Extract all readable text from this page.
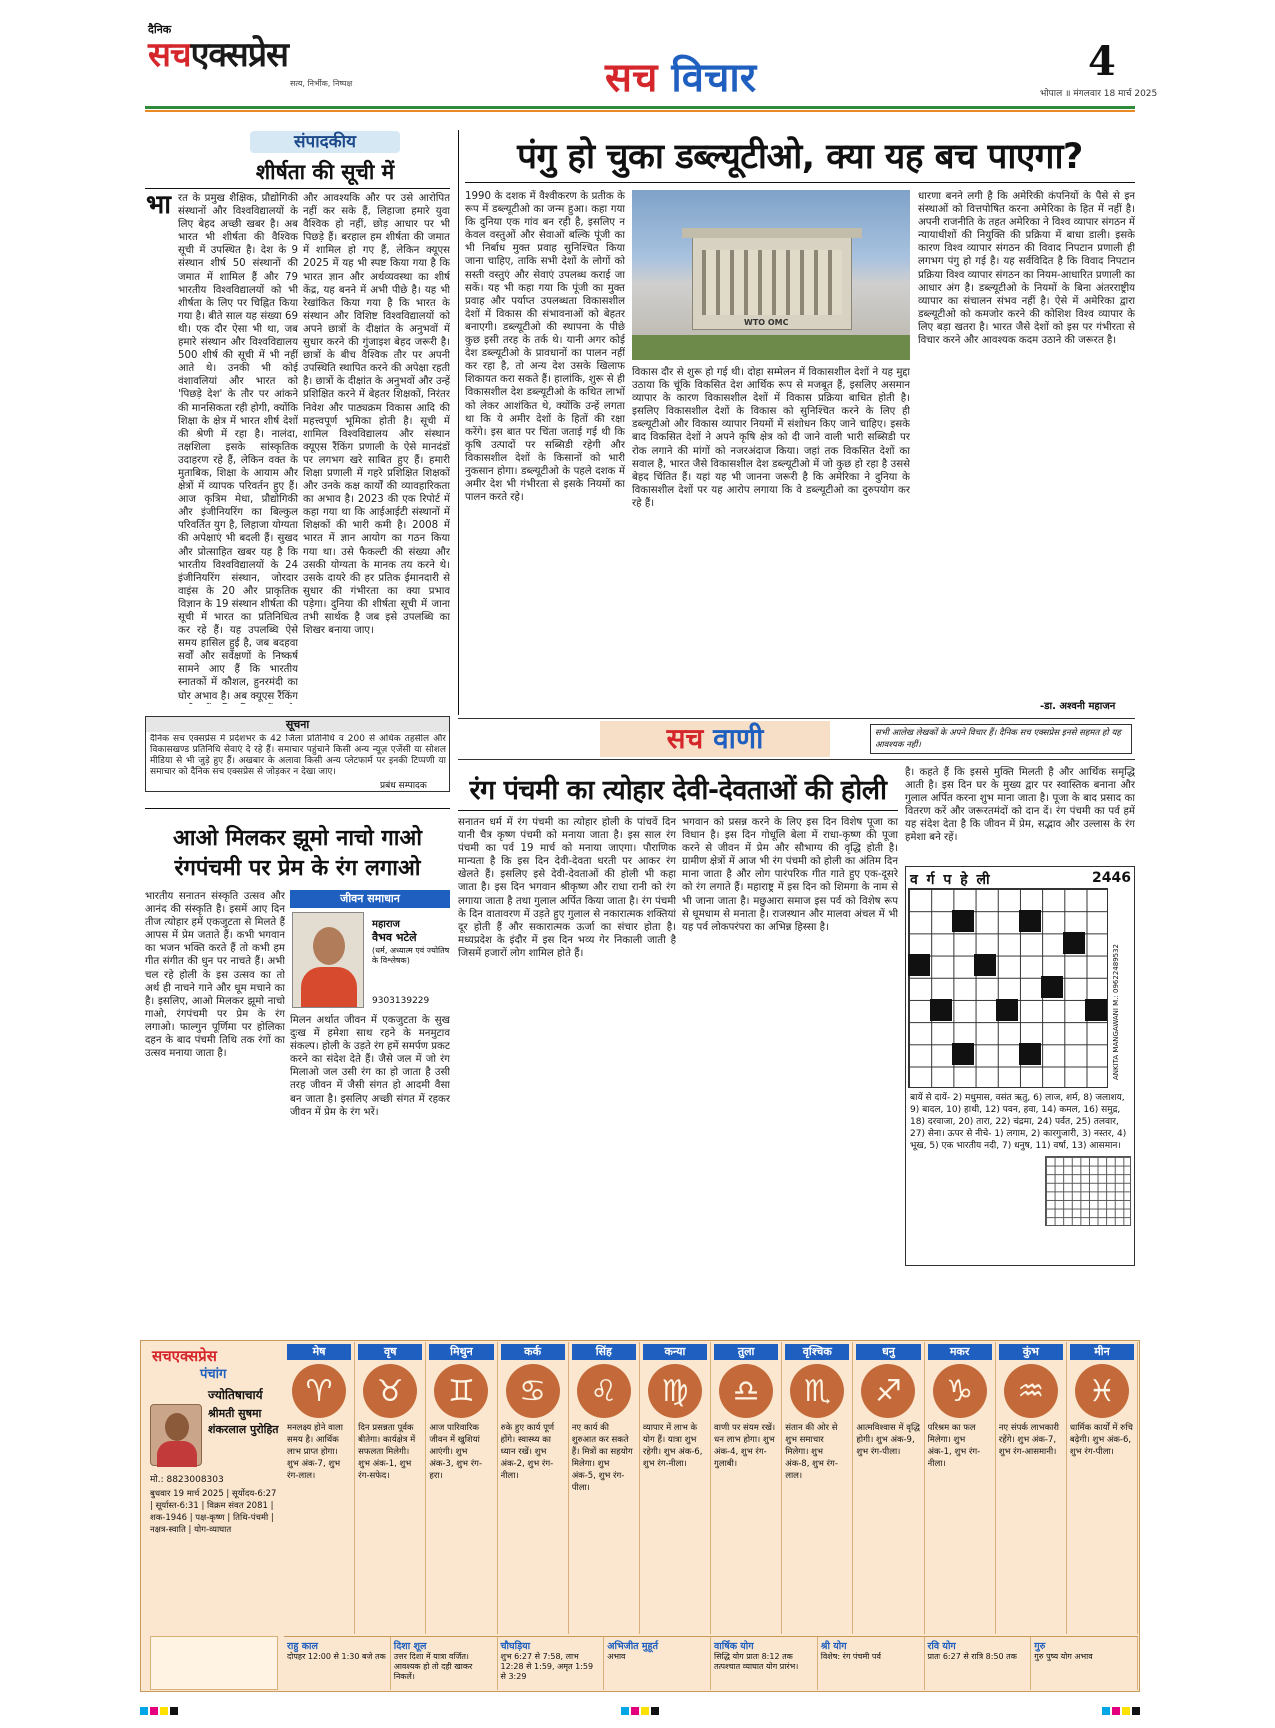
दैनिक
सचएक्सप्रेस
सत्य, निर्भीक, निष्पक्ष	सच विचार	4
भोपाल ॥ मंगलवार 18 मार्च 2025
संपादकीय
शीर्षता की सूची में
भा रत के प्रमुख शैक्षिक, प्रौद्योगिकी संस्थानों और विश्वविद्यालयों के लिए बेहद अच्छी खबर है। अब भारत भी शीर्षता की वैश्विक सूची में उपस्थित है। देश के 9 संस्थान शीर्ष 50 संस्थानों की जमात में शामिल हैं और 79 भारतीय विश्वविद्यालयों को भी शीर्षता के लिए पर चिह्नित किया गया है। बीते साल यह संख्या 69 थी। एक दौर ऐसा भी था, जब हमारे संस्थान और विश्वविद्यालय 500 शीर्ष की सूची में भी नहीं आते थे। उनकी भी कोई वंशावलियां और भारत को 'पिछड़े देश' के तौर पर आंकने की मानसिकता रही होगी, क्योंकि शिक्षा के क्षेत्र में भारत शीर्ष देशों की श्रेणी में रहा है। नालंदा, तक्षशिला इसके सांस्कृतिक उदाहरण रहे हैं, लेकिन वक्त के मुताबिक, शिक्षा के आयाम और क्षेत्रों में व्यापक परिवर्तन हुए हैं। आज कृत्रिम मेधा, प्रौद्योगिकी और इंजीनियरिंग का बिल्कुल परिवर्तित युग है, लिहाजा योग्यता की अपेक्षाएं भी बदली हैं। सुखद और प्रोत्साहित खबर यह है कि भारतीय विश्वविद्यालयों के 24 इंजीनियरिंग संस्थान, जोरदार वाइंस के 20 और प्राकृतिक विज्ञान के 19 संस्थान शीर्षता की सूची में भारत का प्रतिनिधित्व कर रहे हैं। यह उपलब्धि ऐसे समय हासिल हुई है, जब बदहवा सर्वों और सर्वेक्षणों के निष्कर्ष सामने आए हैं कि भारतीय स्नातकों में कौशल, हुनरमंदी का घोर अभाव है। अब क्यूएस रैंकिंग
और आवश्यकि और पर उसे आरोपित नहीं कर सके हैं, लिहाजा हमारे युवा वैश्विक हो नहीं, छोड़ आधार पर भी पिछड़े हैं। बरहाल हम शीर्षता की जमात में शामिल हो गए हैं, लेकिन क्यूएस 2025 में यह भी स्पष्ट किया गया है कि भारत ज्ञान और अर्थव्यवस्था का शीर्ष केंद्र, यह बनने में अभी पीछे है। यह भी रेखांकित किया गया है कि भारत के संस्थान और विशिष्ट विश्वविद्यालयों को अपने छात्रों के दीक्षांत के अनुभवों में सुधार करने की गुंजाइश बेहद जरूरी है। छात्रों के बीच वैश्विक तौर पर अपनी उपस्थिति स्थापित करने की अपेक्षा रहती है। छात्रों के दीक्षांत के अनुभवों और उन्हें प्रशिक्षित करने में बेहतर शिक्षकों, निरंतर निवेश और पाठ्यक्रम विकास आदि की महत्त्वपूर्ण भूमिका होती है। सूची में शामिल विश्वविद्यालय और संस्थान क्यूएस रैंकिंग प्रणाली के ऐसे मानदंडों पर लगभग खरे साबित हुए हैं। हमारी शिक्षा प्रणाली में गहरे प्रशिक्षित शिक्षकों और उनके कक्ष कार्यों की व्यावहारिकता का अभाव है। 2023 की एक रिपोर्ट में कहा गया था कि आईआईटी संस्थानों में शिक्षकों की भारी कमी है। 2008 में भारत में ज्ञान आयोग का गठन किया गया था। उसे फैकल्टी की संख्या और उसकी योग्यता के मानक तय करने थे। उसके दायरे की हर प्रतिक ईमानदारी से सुधार की गंभीरता का क्या प्रभाव पड़ेगा। दुनिया की शीर्षता सूची में जाना तभी सार्थक है जब इसे उपलब्धि का शिखर बनाया जाए।
सूचना
दैनिक सच एक्सप्रेस में प्रदेशभर के 42 जिला प्रतिनिधि व 200 से अधिक तहसील और विकासखण्ड प्रतिनिधि सेवाएं दे रहे हैं। समाचार पहुंचाने किसी अन्य न्यूज़ एजेंसी या सोशल मीडिया से भी जुड़े हुए हैं। अखबार के अलावा किसी अन्य प्लेटफार्म पर इनकी टिप्पणी या समाचार को दैनिक सच एक्सप्रेस से जोड़कर न देखा जाए।
प्रबंध सम्पादक
पंगु हो चुका डब्ल्यूटीओ, क्या यह बच पाएगा?
1990 के दशक में वैश्वीकरण के प्रतीक के रूप में डब्ल्यूटीओ का जन्म हुआ। कहा गया कि दुनिया एक गांव बन रही है, इसलिए न केवल वस्तुओं और सेवाओं बल्कि पूंजी का भी निर्बाध मुक्त प्रवाह सुनिश्चित किया जाना चाहिए, ताकि सभी देशों के लोगों को सस्ती वस्तुएं और सेवाएं उपलब्ध कराई जा सकें। यह भी कहा गया कि पूंजी का मुक्त प्रवाह और पर्याप्त उपलब्धता विकासशील देशों में विकास की संभावनाओं को बेहतर बनाएगी। डब्ल्यूटीओ की स्थापना के पीछे कुछ इसी तरह के तर्क थे। यानी अगर कोई देश डब्ल्यूटीओ के प्रावधानों का पालन नहीं कर रहा है, तो अन्य देश उसके खिलाफ शिकायत करा सकते हैं। हालांकि, शुरू से ही विकासशील देश डब्ल्यूटीओ के कथित लाभों को लेकर आशंकित थे, क्योंकि उन्हें लगता था कि ये अमीर देशों के हितों की रक्षा करेंगे। इस बात पर चिंता जताई गई थी कि कृषि उत्पादों पर सब्सिडी रहेगी और विकासशील देशों के किसानों को भारी नुकसान होगा। डब्ल्यूटीओ के पहले दशक में अमीर देश भी गंभीरता से इसके नियमों का पालन करते रहे।
WTO OMC
विकास दौर से शुरू हो गई थी। दोहा सम्मेलन में विकासशील देशों ने यह मुद्दा उठाया कि चूंकि विकसित देश आर्थिक रूप से मजबूत हैं, इसलिए असमान व्यापार के कारण विकासशील देशों में विकास प्रक्रिया बाधित होती है। इसलिए विकासशील देशों के विकास को सुनिश्चित करने के लिए ही डब्ल्यूटीओ और विकास व्यापार नियमों में संशोधन किए जाने चाहिए। इसके बाद विकसित देशों ने अपने कृषि क्षेत्र को दी जाने वाली भारी सब्सिडी पर रोक लगाने की मांगों को नजरअंदाज किया। जहां तक विकसित देशों का सवाल है, भारत जैसे विकासशील देश डब्ल्यूटीओ में जो कुछ हो रहा है उससे बेहद चिंतित हैं। यहां यह भी जानना जरूरी है कि अमेरिका ने दुनिया के विकासशील देशों पर यह आरोप लगाया कि वे डब्ल्यूटीओ का दुरुपयोग कर रहे हैं।
धारणा बनने लगी है कि अमेरिकी कंपनियों के पैसे से इन संस्थाओं को वित्तपोषित करना अमेरिका के हित में नहीं है। अपनी राजनीति के तहत अमेरिका ने विश्व व्यापार संगठन में न्यायाधीशों की नियुक्ति की प्रक्रिया में बाधा डाली। इसके कारण विश्व व्यापार संगठन की विवाद निपटान प्रणाली ही लगभग पंगु हो गई है। यह सर्वविदित है कि विवाद निपटान प्रक्रिया विश्व व्यापार संगठन का नियम-आधारित प्रणाली का आधार अंग है। डब्ल्यूटीओ के नियमों के बिना अंतरराष्ट्रीय व्यापार का संचालन संभव नहीं है। ऐसे में अमेरिका द्वारा डब्ल्यूटीओ को कमजोर करने की कोशिश विश्व व्यापार के लिए बड़ा खतरा है। भारत जैसे देशों को इस पर गंभीरता से विचार करने और आवश्यक कदम उठाने की जरूरत है।
-डा. अश्वनी महाजन
सच वाणी	सभी आलेख लेखकों के अपने विचार हैं। दैनिक सच एक्सप्रेस इनसे सहमत हो यह आवश्यक नहीं।
रंग पंचमी का त्योहार देवी-देवताओं की होली
है। कहते हैं कि इससे मुक्ति मिलती है और आर्थिक समृद्धि आती है। इस दिन घर के मुख्य द्वार पर स्वास्तिक बनाना और गुलाल अर्पित करना शुभ माना जाता है। पूजा के बाद प्रसाद का वितरण करें और जरूरतमंदों को दान दें। रंग पंचमी का पर्व हमें यह संदेश देता है कि जीवन में प्रेम, सद्भाव और उल्लास के रंग हमेशा बने रहें।
सनातन धर्म में रंग पंचमी का त्योहार होली के पांचवें दिन यानी चैत्र कृष्ण पंचमी को मनाया जाता है। इस साल रंग पंचमी का पर्व 19 मार्च को मनाया जाएगा। पौराणिक मान्यता है कि इस दिन देवी-देवता धरती पर आकर रंग खेलते हैं। इसलिए इसे देवी-देवताओं की होली भी कहा जाता है। इस दिन भगवान श्रीकृष्ण और राधा रानी को रंग लगाया जाता है तथा गुलाल अर्पित किया जाता है। रंग पंचमी के दिन वातावरण में उड़ते हुए गुलाल से नकारात्मक शक्तियां दूर होती हैं और सकारात्मक ऊर्जा का संचार होता है। मध्यप्रदेश के इंदौर में इस दिन भव्य गेर निकाली जाती है जिसमें हजारों लोग शामिल होते हैं।
भगवान को प्रसन्न करने के लिए इस दिन विशेष पूजा का विधान है। इस दिन गोधूलि बेला में राधा-कृष्ण की पूजा करने से जीवन में प्रेम और सौभाग्य की वृद्धि होती है। ग्रामीण क्षेत्रों में आज भी रंग पंचमी को होली का अंतिम दिन माना जाता है और लोग पारंपरिक गीत गाते हुए एक-दूसरे को रंग लगाते हैं। महाराष्ट्र में इस दिन को शिमगा के नाम से भी जाना जाता है। मछुआरा समाज इस पर्व को विशेष रूप से धूमधाम से मनाता है। राजस्थान और मालवा अंचल में भी यह पर्व लोकपरंपरा का अभिन्न हिस्सा है।
आओ मिलकर झूमो नाचो गाओ
रंगपंचमी पर प्रेम के रंग लगाओ
भारतीय सनातन संस्कृति उत्सव और आनंद की संस्कृति है। इसमें आए दिन तीज त्योहार हमें एकजुटता से मिलते हैं आपस में प्रेम जताते हैं। कभी भगवान का भजन भक्ति करते हैं तो कभी हम गीत संगीत की धुन पर नाचते हैं। अभी चल रहे होली के इस उत्सव का तो अर्थ ही नाचने गाने और धूम मचाने का है। इसलिए, आओ मिलकर झूमो नाचो गाओ, रंगपंचमी पर प्रेम के रंग लगाओ। फाल्गुन पूर्णिमा पर होलिका दहन के बाद पंचमी तिथि तक रंगों का उत्सव मनाया जाता है।
जीवन समाधान
महाराज
वैभव भटेले
(धर्म, अध्यात्म एवं ज्योतिष के विश्लेषक)
9303139229
मिलन अर्थात जीवन में एकजुटता के सुख दुःख में हमेशा साथ रहने के मनमुटाव संकल्प। होली के उड़ते रंग हमें समर्पण प्रकट करने का संदेश देते हैं। जैसे जल में जो रंग मिलाओ जल उसी रंग का हो जाता है उसी तरह जीवन में जैसी संगत हो आदमी वैसा बन जाता है। इसलिए अच्छी संगत में रहकर जीवन में प्रेम के रंग भरें।
व र्ग प हे ली	2446
ANKITA MANGAWANI M.: 09622489532
बायें से दायें- 2) मधुमास, वसंत ऋतु, 6) लाज, शर्म, 8) जलाशय, 9) बादल, 10) हाथी, 12) पवन, हवा, 14) कमल, 16) समुद्र, 18) दरवाजा, 20) तारा, 22) चंद्रमा, 24) पर्वत, 25) तलवार, 27) सेना। ऊपर से नीचे- 1) लगाम, 2) कारगुजारी, 3) नस्तर, 4) भूख, 5) एक भारतीय नदी, 7) धनुष, 11) वर्षा, 13) आसमान।
सचएक्सप्रेस
पंचांग
ज्योतिषाचार्य
श्रीमती सुषमा
शंकरलाल पुरोहित
मो.: 8823008303
बुधवार 19 मार्च 2025 | सूर्योदय-6:27 | सूर्यास्त-6:31 | विक्रम संवत 2081 | शक-1946 | पक्ष-कृष्ण | तिथि-पंचमी | नक्षत्र-स्वाति | योग-व्याघात
मेष
♈
मनलक्ष्य होने वाला समय है। आर्थिक लाभ प्राप्त होगा। शुभ अंक-7, शुभ रंग-लाल।
वृष
♉
दिन प्रसन्नता पूर्वक बीतेगा। कार्यक्षेत्र में सफलता मिलेगी। शुभ अंक-1, शुभ रंग-सफेद।
मिथुन
♊
आज पारिवारिक जीवन में खुशियां आएंगी। शुभ अंक-3, शुभ रंग-हरा।
कर्क
♋
रुके हुए कार्य पूर्ण होंगे। स्वास्थ्य का ध्यान रखें। शुभ अंक-2, शुभ रंग-नीला।
सिंह
♌
नए कार्य की शुरुआत कर सकते हैं। मित्रों का सहयोग मिलेगा। शुभ अंक-5, शुभ रंग-पीला।
कन्या
♍
व्यापार में लाभ के योग हैं। यात्रा शुभ रहेगी। शुभ अंक-6, शुभ रंग-नीला।
तुला
♎
वाणी पर संयम रखें। धन लाभ होगा। शुभ अंक-4, शुभ रंग-गुलाबी।
वृश्चिक
♏
संतान की ओर से शुभ समाचार मिलेगा। शुभ अंक-8, शुभ रंग-लाल।
धनु
♐
आत्मविश्वास में वृद्धि होगी। शुभ अंक-9, शुभ रंग-पीला।
मकर
♑
परिश्रम का फल मिलेगा। शुभ अंक-1, शुभ रंग-नीला।
कुंभ
♒
नए संपर्क लाभकारी रहेंगे। शुभ अंक-7, शुभ रंग-आसमानी।
मीन
♓
धार्मिक कार्यों में रुचि बढ़ेगी। शुभ अंक-6, शुभ रंग-पीला।
राहु काल
दोपहर 12:00 से 1:30 बजे तक
दिशा शूल
उत्तर दिशा में यात्रा वर्जित। आवश्यक हो तो दही खाकर निकलें।
चौघड़िया
शुभ 6:27 से 7:58, लाभ 12:28 से 1:59, अमृत 1:59 से 3:29
अभिजीत मुहूर्त
अभाव
वार्षिक योग
सिद्धि योग प्रातः 8:12 तक तत्पश्चात व्याघात योग प्रारंभ।
श्री योग
विशेष: रंग पंचमी पर्व
रवि योग
प्रातः 6:27 से रात्रि 8:50 तक
गुरु
गुरु पुष्य योग अभाव
